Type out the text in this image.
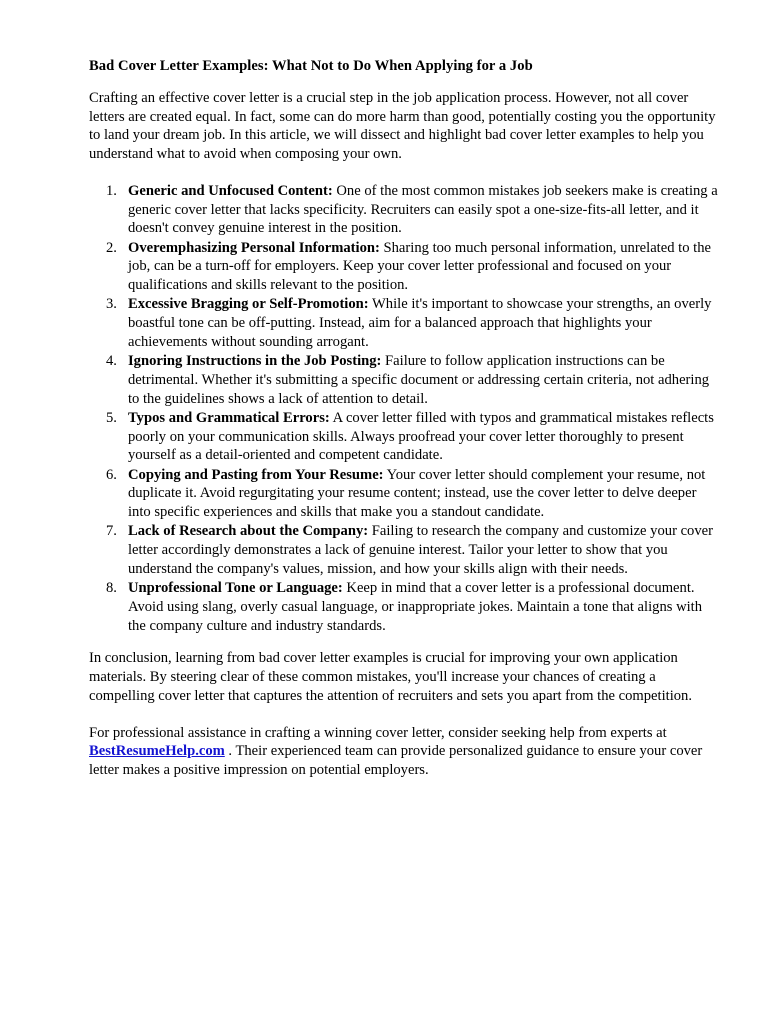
Bad Cover Letter Examples: What Not to Do When Applying for a Job

Crafting an effective cover letter is a crucial step in the job application process. However, not all cover letters are created equal. In fact, some can do more harm than good, potentially costing you the opportunity to land your dream job. In this article, we will dissect and highlight bad cover letter examples to help you understand what to avoid when composing your own.

Generic and Unfocused Content: One of the most common mistakes job seekers make is creating a generic cover letter that lacks specificity. Recruiters can easily spot a one-size-fits-all letter, and it doesn't convey genuine interest in the position.
Overemphasizing Personal Information: Sharing too much personal information, unrelated to the job, can be a turn-off for employers. Keep your cover letter professional and focused on your qualifications and skills relevant to the position.
Excessive Bragging or Self-Promotion: While it's important to showcase your strengths, an overly boastful tone can be off-putting. Instead, aim for a balanced approach that highlights your achievements without sounding arrogant.
Ignoring Instructions in the Job Posting: Failure to follow application instructions can be detrimental. Whether it's submitting a specific document or addressing certain criteria, not adhering to the guidelines shows a lack of attention to detail.
Typos and Grammatical Errors: A cover letter filled with typos and grammatical mistakes reflects poorly on your communication skills. Always proofread your cover letter thoroughly to present yourself as a detail-oriented and competent candidate.
Copying and Pasting from Your Resume: Your cover letter should complement your resume, not duplicate it. Avoid regurgitating your resume content; instead, use the cover letter to delve deeper into specific experiences and skills that make you a standout candidate.
Lack of Research about the Company: Failing to research the company and customize your cover letter accordingly demonstrates a lack of genuine interest. Tailor your letter to show that you understand the company's values, mission, and how your skills align with their needs.
Unprofessional Tone or Language: Keep in mind that a cover letter is a professional document. Avoid using slang, overly casual language, or inappropriate jokes. Maintain a tone that aligns with the company culture and industry standards.

In conclusion, learning from bad cover letter examples is crucial for improving your own application materials. By steering clear of these common mistakes, you'll increase your chances of creating a compelling cover letter that captures the attention of recruiters and sets you apart from the competition.

For professional assistance in crafting a winning cover letter, consider seeking help from experts at BestResumeHelp.com . Their experienced team can provide personalized guidance to ensure your cover letter makes a positive impression on potential employers.
